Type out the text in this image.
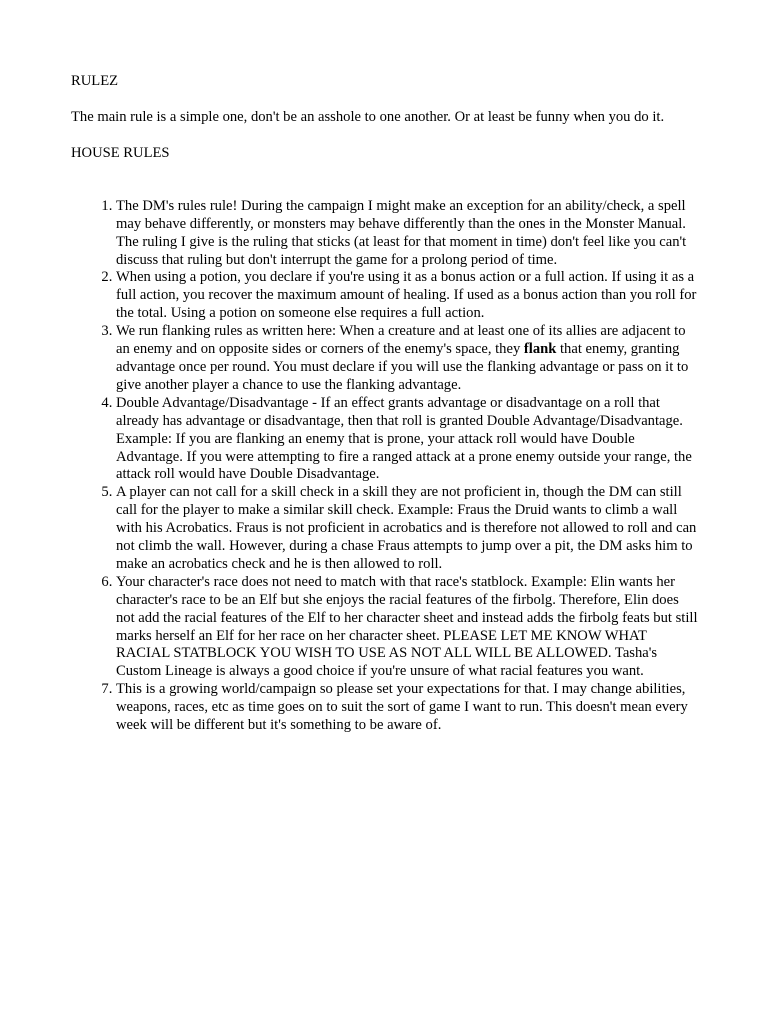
RULEZ

The main rule is a simple one, don't be an asshole to one another. Or at least be funny when you do it.

HOUSE RULES

1. The DM's rules rule! During the campaign I might make an exception for an ability/check, a spell may behave differently, or monsters may behave differently than the ones in the Monster Manual. The ruling I give is the ruling that sticks (at least for that moment in time) don't feel like you can't discuss that ruling but don't interrupt the game for a prolong period of time.
2. When using a potion, you declare if you're using it as a bonus action or a full action. If using it as a full action, you recover the maximum amount of healing. If used as a bonus action than you roll for the total. Using a potion on someone else requires a full action.
3. We run flanking rules as written here: When a creature and at least one of its allies are adjacent to an enemy and on opposite sides or corners of the enemy's space, they flank that enemy, granting advantage once per round. You must declare if you will use the flanking advantage or pass on it to give another player a chance to use the flanking advantage.
4. Double Advantage/Disadvantage - If an effect grants advantage or disadvantage on a roll that already has advantage or disadvantage, then that roll is granted Double Advantage/Disadvantage. Example: If you are flanking an enemy that is prone, your attack roll would have Double Advantage. If you were attempting to fire a ranged attack at a prone enemy outside your range, the attack roll would have Double Disadvantage.
5. A player can not call for a skill check in a skill they are not proficient in, though the DM can still call for the player to make a similar skill check. Example: Fraus the Druid wants to climb a wall with his Acrobatics. Fraus is not proficient in acrobatics and is therefore not allowed to roll and can not climb the wall. However, during a chase Fraus attempts to jump over a pit, the DM asks him to make an acrobatics check and he is then allowed to roll.
6. Your character's race does not need to match with that race's statblock. Example: Elin wants her character's race to be an Elf but she enjoys the racial features of the firbolg. Therefore, Elin does not add the racial features of the Elf to her character sheet and instead adds the firbolg feats but still marks herself an Elf for her race on her character sheet. PLEASE LET ME KNOW WHAT RACIAL STATBLOCK YOU WISH TO USE AS NOT ALL WILL BE ALLOWED. Tasha's Custom Lineage is always a good choice if you're unsure of what racial features you want.
7. This is a growing world/campaign so please set your expectations for that. I may change abilities, weapons, races, etc as time goes on to suit the sort of game I want to run. This doesn't mean every week will be different but it's something to be aware of.
